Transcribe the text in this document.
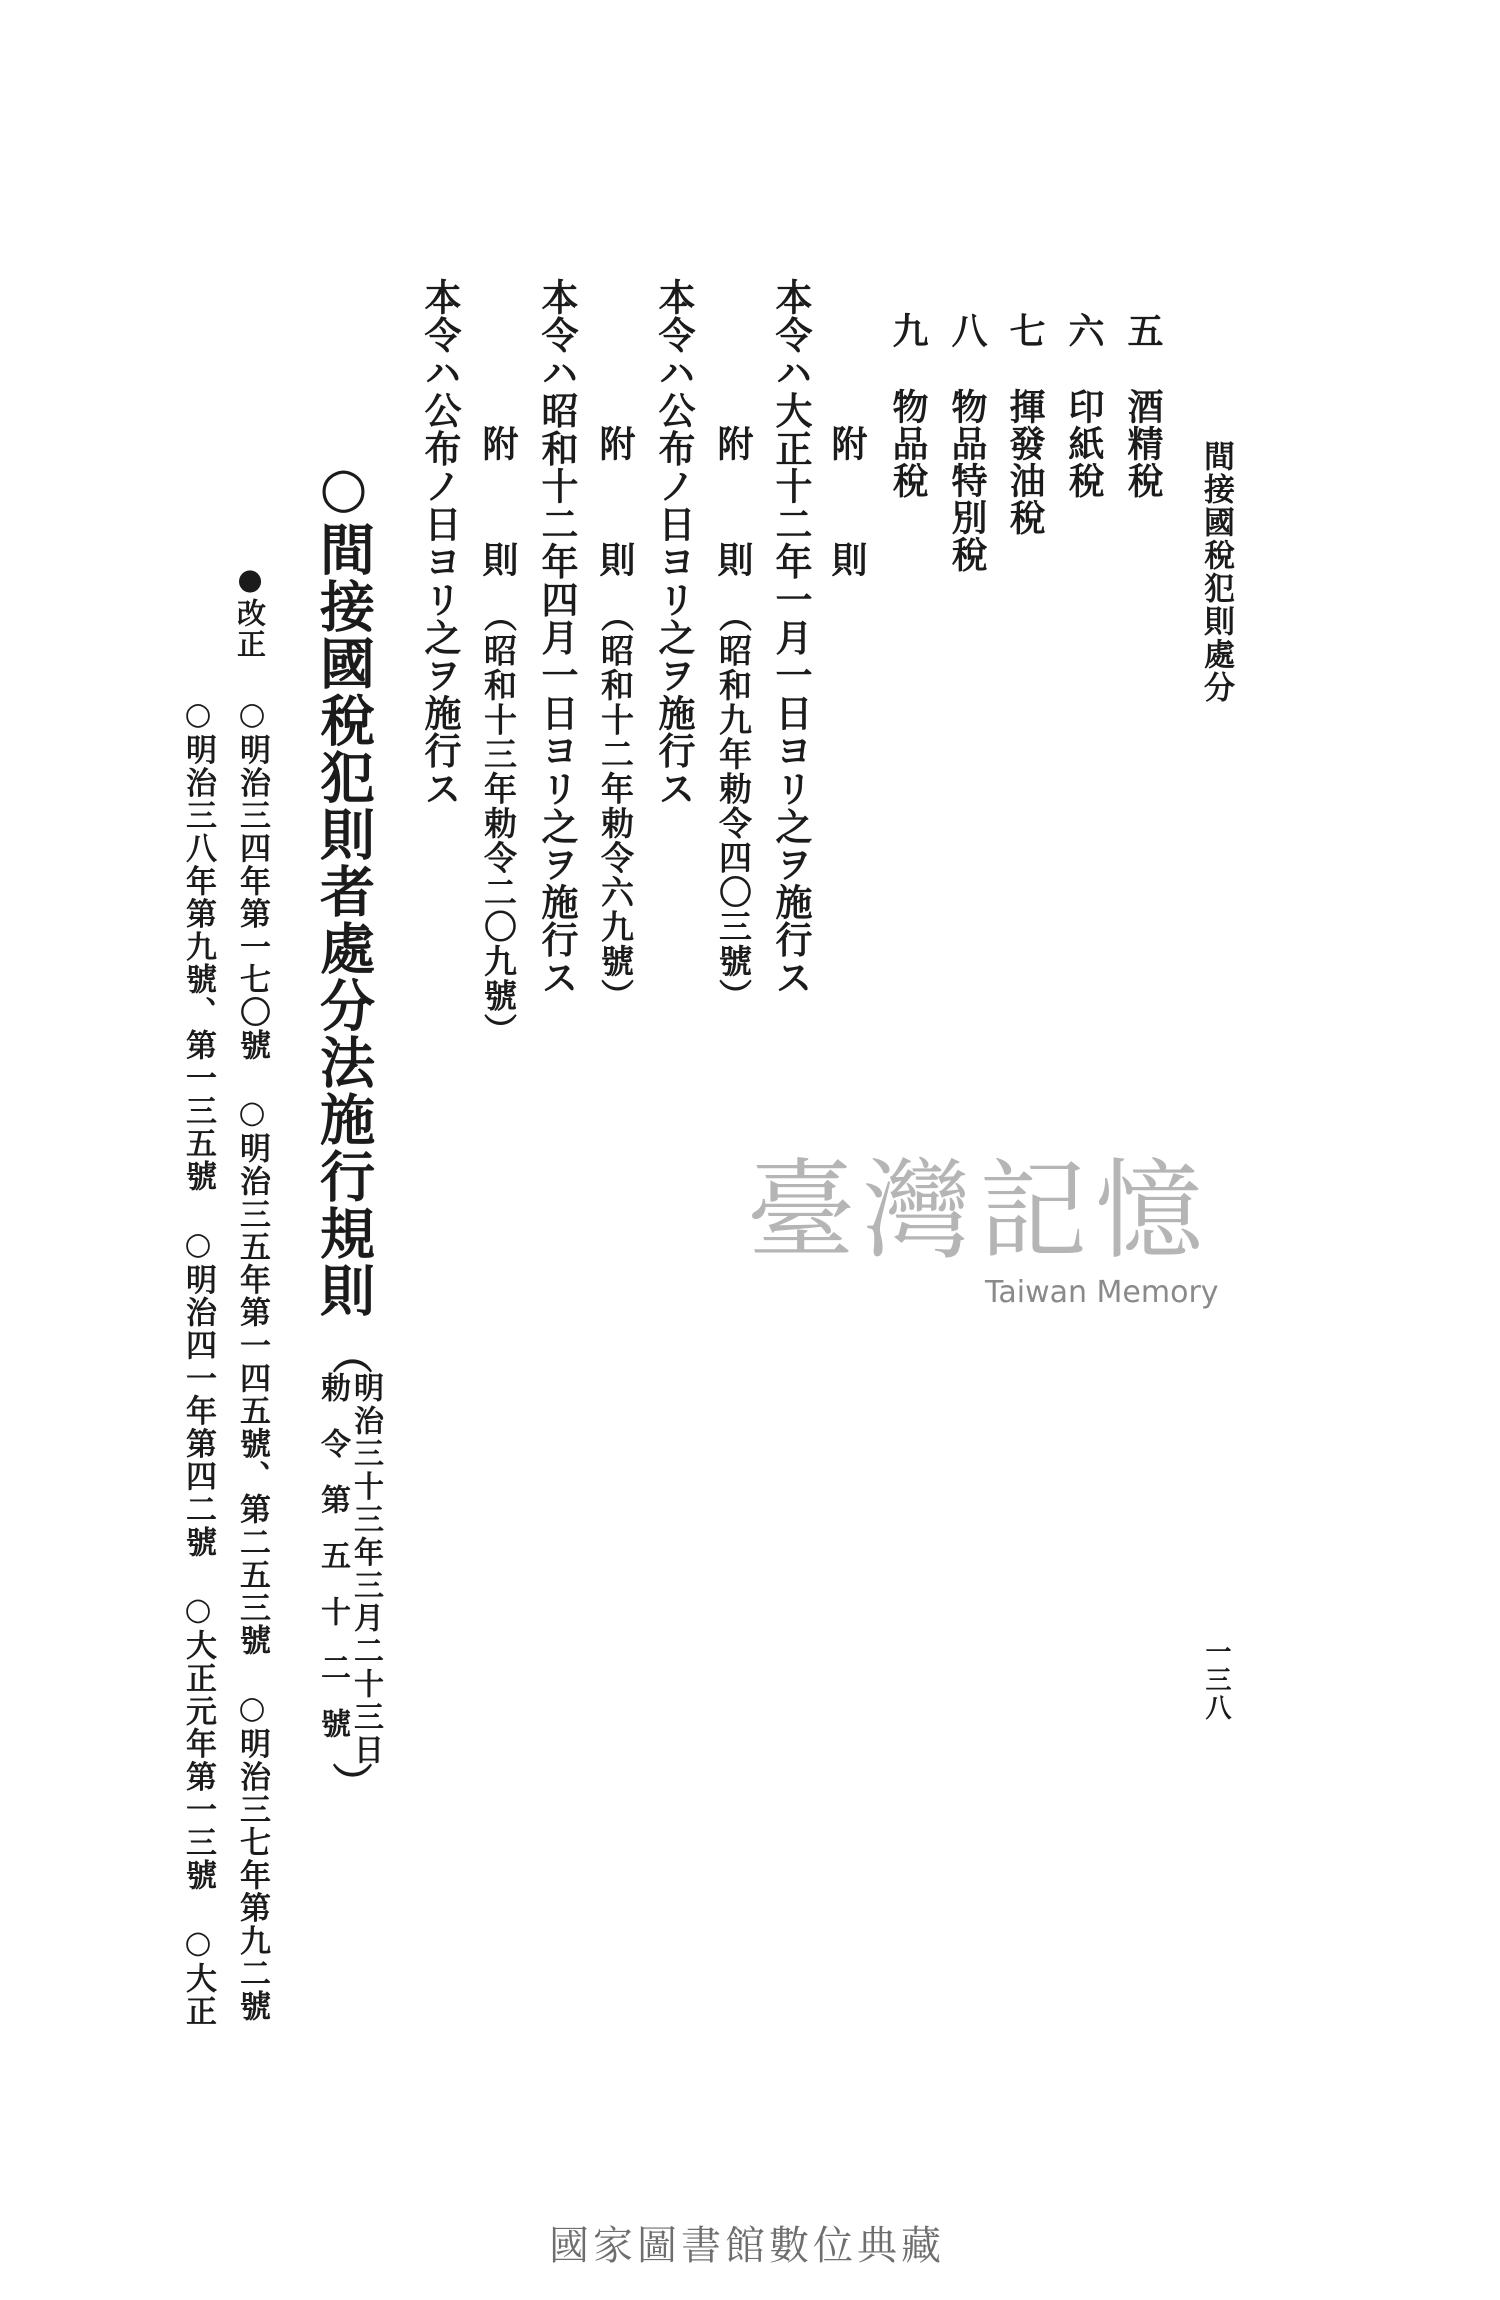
間接國稅犯則處分
一三八
五酒精稅
六印紙稅
七揮發油稅
八物品特別稅
九物品稅
附　則
本令ハ大正十二年一月一日ヨリ之ヲ施行ス
附　則（昭和九年勅令四〇三號）
本令ハ公布ノ日ヨリ之ヲ施行ス
附　則（昭和十二年勅令六九號）
本令ハ昭和十二年四月一日ヨリ之ヲ施行ス
附　則（昭和十三年勅令二〇九號）
本令ハ公布ノ日ヨリ之ヲ施行ス
○間接國稅犯則者處分法施行規則
（
明治三十三年三月二十三日
勅令第五十二號
）
●改正
○明治三四年第一七〇號　○明治三五年第一四五號、第二五三號　○明治三七年第九二號
○明治三八年第九號、第一三五號　○明治四一年第四二號　○大正元年第一三號　○大正	臺灣記憶
Taiwan Memory
國家圖書館數位典藏
